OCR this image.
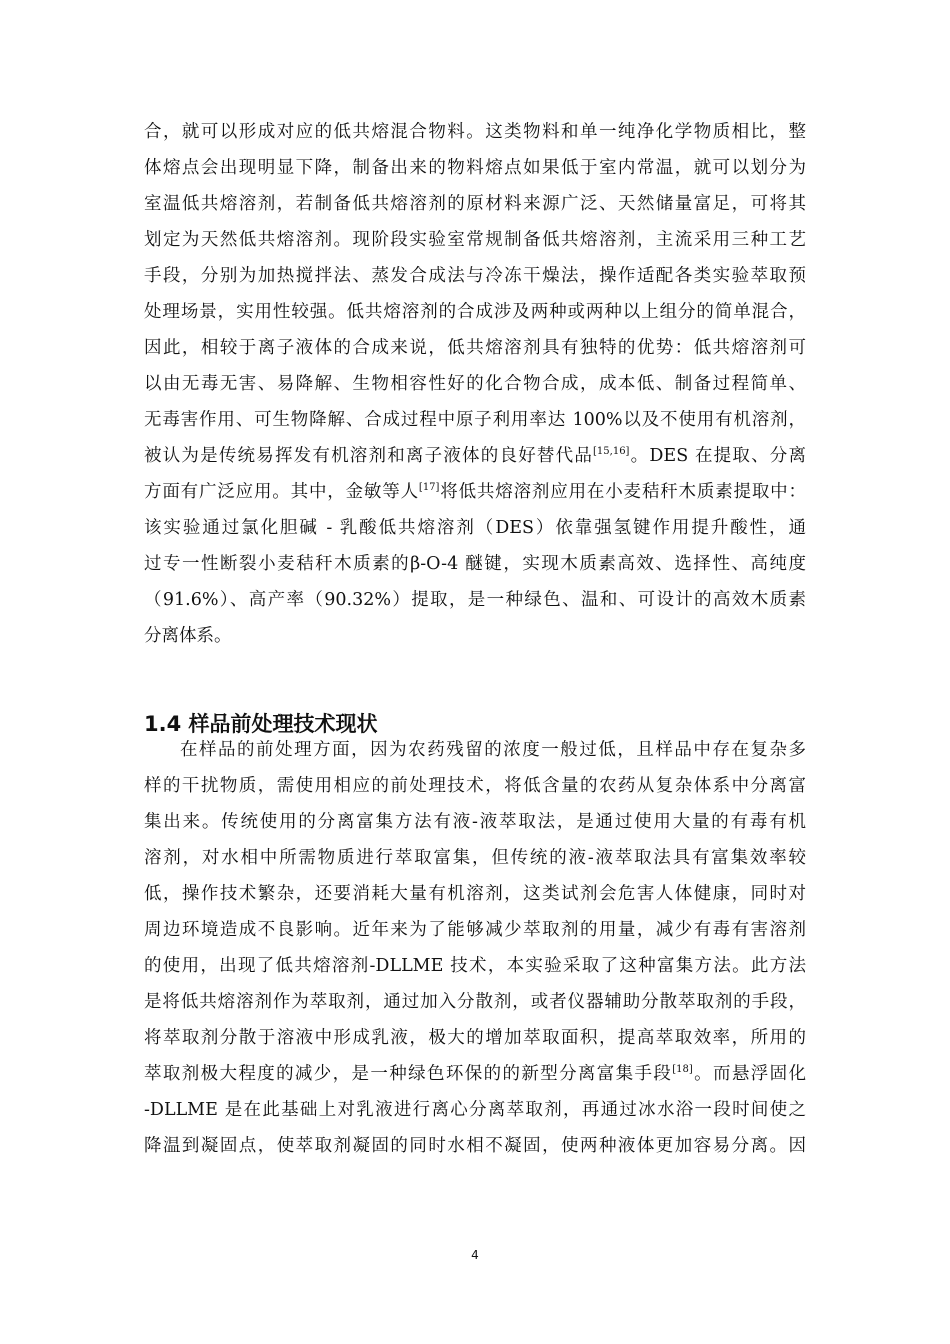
合，就可以形成对应的低共熔混合物料。这类物料和单一纯净化学物质相比，整
体熔点会出现明显下降，制备出来的物料熔点如果低于室内常温，就可以划分为
室温低共熔溶剂，若制备低共熔溶剂的原材料来源广泛、天然储量富足，可将其
划定为天然低共熔溶剂。现阶段实验室常规制备低共熔溶剂，主流采用三种工艺
手段，分别为加热搅拌法、蒸发合成法与冷冻干燥法，操作适配各类实验萃取预
处理场景，实用性较强。低共熔溶剂的合成涉及两种或两种以上组分的简单混合，
因此，相较于离子液体的合成来说，低共熔溶剂具有独特的优势：低共熔溶剂可
以由无毒无害、易降解、生物相容性好的化合物合成，成本低、制备过程简单、
无毒害作用、可生物降解、合成过程中原子利用率达 100%以及不使用有机溶剂，
被认为是传统易挥发有机溶剂和离子液体的良好替代品[15,16]。DES 在提取、分离
方面有广泛应用。其中，金敏等人[17]将低共熔溶剂应用在小麦秸秆木质素提取中：
该实验通过氯化胆碱 - 乳酸低共熔溶剂（DES）依靠强氢键作用提升酸性，通
过专一性断裂小麦秸秆木质素的β-O-4 醚键，实现木质素高效、选择性、高纯度
（91.6%）、高产率（90.32%）提取，是一种绿色、温和、可设计的高效木质素
分离体系。
1.4 样品前处理技术现状
在样品的前处理方面，因为农药残留的浓度一般过低，且样品中存在复杂多
样的干扰物质，需使用相应的前处理技术，将低含量的农药从复杂体系中分离富
集出来。传统使用的分离富集方法有液-液萃取法，是通过使用大量的有毒有机
溶剂，对水相中所需物质进行萃取富集，但传统的液-液萃取法具有富集效率较
低，操作技术繁杂，还要消耗大量有机溶剂，这类试剂会危害人体健康，同时对
周边环境造成不良影响。近年来为了能够减少萃取剂的用量，减少有毒有害溶剂
的使用，出现了低共熔溶剂-DLLME 技术，本实验采取了这种富集方法。此方法
是将低共熔溶剂作为萃取剂，通过加入分散剂，或者仪器辅助分散萃取剂的手段，
将萃取剂分散于溶液中形成乳液，极大的增加萃取面积，提高萃取效率，所用的
萃取剂极大程度的减少，是一种绿色环保的的新型分离富集手段[18]。而悬浮固化
-DLLME 是在此基础上对乳液进行离心分离萃取剂，再通过冰水浴一段时间使之
降温到凝固点，使萃取剂凝固的同时水相不凝固，使两种液体更加容易分离。因
4
